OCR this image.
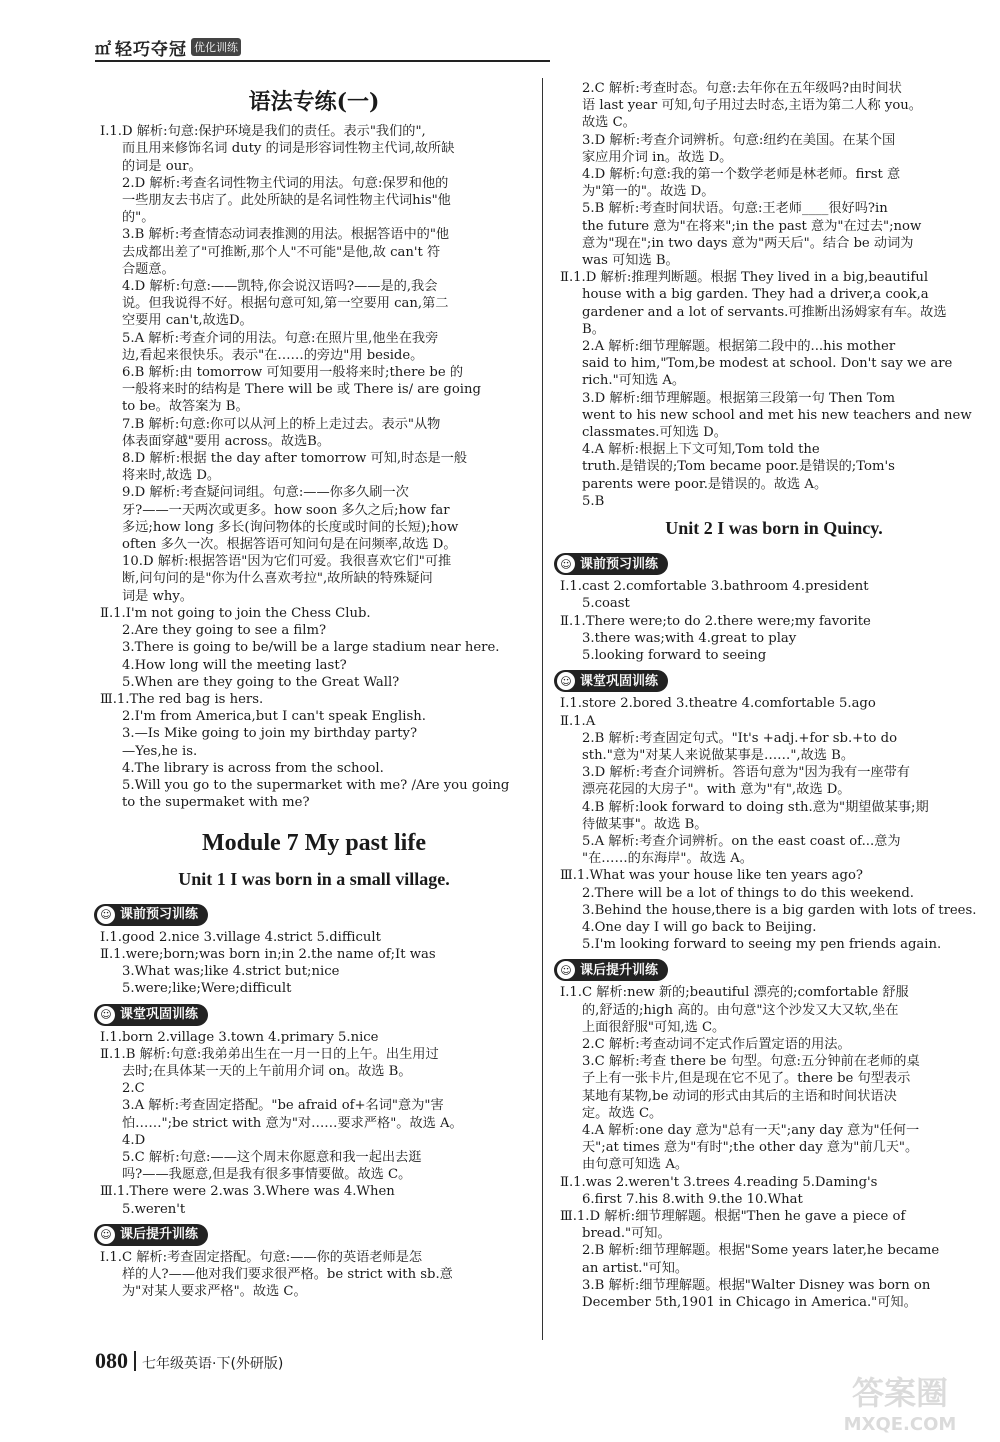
㎡ 轻巧夺冠 优化训练
语法专练(一)
Ⅰ.1.D 解析:句意:保护环境是我们的责任。表示"我们的",
而且用来修饰名词 duty 的词是形容词性物主代词,故所缺
的词是 our。
2.D 解析:考查名词性物主代词的用法。句意:保罗和他的
一些朋友去书店了。此处所缺的是名词性物主代词his"他
的"。
3.B 解析:考查情态动词表推测的用法。根据答语中的"他
去成都出差了"可推断,那个人"不可能"是他,故 can't 符
合题意。
4.D 解析:句意:——凯特,你会说汉语吗?——是的,我会
说。但我说得不好。根据句意可知,第一空要用 can,第二
空要用 can't,故选D。
5.A 解析:考查介词的用法。句意:在照片里,他坐在我旁
边,看起来很快乐。表示"在……的旁边"用 beside。
6.B 解析:由 tomorrow 可知要用一般将来时;there be 的
一般将来时的结构是 There will be 或 There is/ are going
to be。故答案为 B。
7.B 解析:句意:你可以从河上的桥上走过去。表示"从物
体表面穿越"要用 across。故选B。
8.D 解析:根据 the day after tomorrow 可知,时态是一般
将来时,故选 D。
9.D 解析:考查疑问词组。句意:——你多久刷一次
牙?——一天两次或更多。how soon 多久之后;how far
多远;how long 多长(询问物体的长度或时间的长短);how
often 多久一次。根据答语可知问句是在问频率,故选 D。
10.D 解析:根据答语"因为它们可爱。我很喜欢它们"可推
断,问句问的是"你为什么喜欢考拉",故所缺的特殊疑问
词是 why。
Ⅱ.1.I'm not going to join the Chess Club.
2.Are they going to see a film?
3.There is going to be/will be a large stadium near here.
4.How long will the meeting last?
5.When are they going to the Great Wall?
Ⅲ.1.The red bag is hers.
2.I'm from America,but I can't speak English.
3.—Is Mike going to join my birthday party?
—Yes,he is.
4.The library is across from the school.
5.Will you go to the supermarket with me? /Are you going
to the supermaket with me?
Module 7 My past life
Unit 1 I was born in a small village.
☺ 课前预习训练
Ⅰ.1.good 2.nice 3.village 4.strict 5.difficult
Ⅱ.1.were;born;was born in;in 2.the name of;It was
3.What was;like 4.strict but;nice
5.were;like;Were;difficult
☺ 课堂巩固训练
Ⅰ.1.born 2.village 3.town 4.primary 5.nice
Ⅱ.1.B 解析:句意:我弟弟出生在一月一日的上午。出生用过
去时;在具体某一天的上午前用介词 on。故选 B。
2.C
3.A 解析:考查固定搭配。"be afraid of+名词"意为"害
怕……";be strict with 意为"对……要求严格"。故选 A。
4.D
5.C 解析:句意:——这个周末你愿意和我一起出去逛
吗?——我愿意,但是我有很多事情要做。故选 C。
Ⅲ.1.There were 2.was 3.Where was 4.When
5.weren't
☺ 课后提升训练
Ⅰ.1.C 解析:考查固定搭配。句意:——你的英语老师是怎
样的人?——他对我们要求很严格。be strict with sb.意
为"对某人要求严格"。故选 C。
2.C 解析:考查时态。句意:去年你在五年级吗?由时间状
语 last year 可知,句子用过去时态,主语为第二人称 you。
故选 C。
3.D 解析:考查介词辨析。句意:纽约在美国。在某个国
家应用介词 in。故选 D。
4.D 解析:句意:我的第一个数学老师是林老师。first 意
为"第一的"。故选 D。
5.B 解析:考查时间状语。句意:王老师____很好吗?in
the future 意为"在将来";in the past 意为"在过去";now
意为"现在";in two days 意为"两天后"。结合 be 动词为
was 可知选 B。
Ⅱ.1.D 解析:推理判断题。根据 They lived in a big,beautiful
house with a big garden. They had a driver,a cook,a
gardener and a lot of servants.可推断出汤姆家有车。故选
B。
2.A 解析:细节理解题。根据第二段中的...his mother
said to him,"Tom,be modest at school. Don't say we are
rich."可知选 A。
3.D 解析:细节理解题。根据第三段第一句 Then Tom
went to his new school and met his new teachers and new
classmates.可知选 D。
4.A 解析:根据上下文可知,Tom told the
truth.是错误的;Tom became poor.是错误的;Tom's
parents were poor.是错误的。故选 A。
5.B
Unit 2 I was born in Quincy.
☺ 课前预习训练
Ⅰ.1.cast 2.comfortable 3.bathroom 4.president
5.coast
Ⅱ.1.There were;to do 2.there were;my favorite
3.there was;with 4.great to play
5.looking forward to seeing
☺ 课堂巩固训练
Ⅰ.1.store 2.bored 3.theatre 4.comfortable 5.ago
Ⅱ.1.A
2.B 解析:考查固定句式。"It's +adj.+for sb.+to do
sth."意为"对某人来说做某事是……",故选 B。
3.D 解析:考查介词辨析。答语句意为"因为我有一座带有
漂亮花园的大房子"。with 意为"有",故选 D。
4.B 解析:look forward to doing sth.意为"期望做某事;期
待做某事"。故选 B。
5.A 解析:考查介词辨析。on the east coast of...意为
"在……的东海岸"。故选 A。
Ⅲ.1.What was your house like ten years ago?
2.There will be a lot of things to do this weekend.
3.Behind the house,there is a big garden with lots of trees.
4.One day I will go back to Beijing.
5.I'm looking forward to seeing my pen friends again.
☺ 课后提升训练
Ⅰ.1.C 解析:new 新的;beautiful 漂亮的;comfortable 舒服
的,舒适的;high 高的。由句意"这个沙发又大又软,坐在
上面很舒服"可知,选 C。
2.C 解析:考查动词不定式作后置定语的用法。
3.C 解析:考查 there be 句型。句意:五分钟前在老师的桌
子上有一张卡片,但是现在它不见了。there be 句型表示
某地有某物,be 动词的形式由其后的主语和时间状语决
定。故选 C。
4.A 解析:one day 意为"总有一天";any day 意为"任何一
天";at times 意为"有时";the other day 意为"前几天"。
由句意可知选 A。
Ⅱ.1.was 2.weren't 3.trees 4.reading 5.Daming's
6.first 7.his 8.with 9.the 10.What
Ⅲ.1.D 解析:细节理解题。根据"Then he gave a piece of
bread."可知。
2.B 解析:细节理解题。根据"Some years later,he became
an artist."可知。
3.B 解析:细节理解题。根据"Walter Disney was born on
December 5th,1901 in Chicago in America."可知。
080 七年级英语·下(外研版)
答案圈
MXQE.COM
